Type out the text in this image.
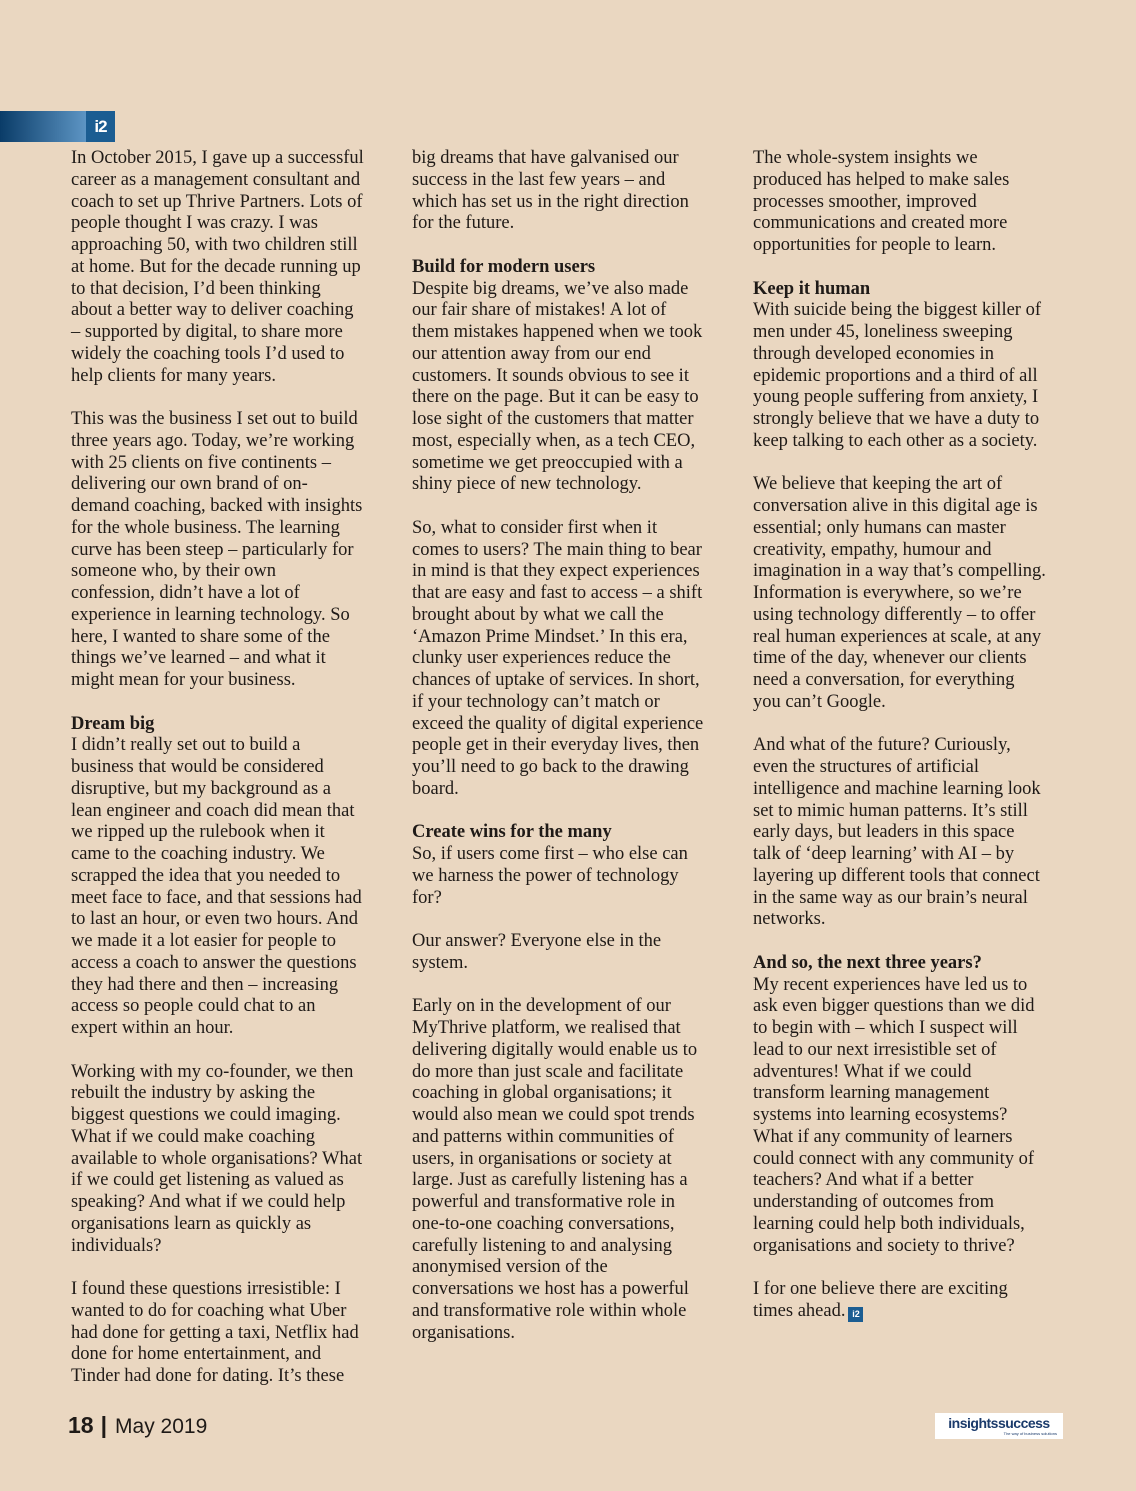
i2

In October 2015, I gave up a successful
career as a management consultant and
coach to set up Thrive Partners. Lots of
people thought I was crazy. I was
approaching 50, with two children still
at home. But for the decade running up
to that decision, I’d been thinking
about a better way to deliver coaching
– supported by digital, to share more
widely the coaching tools I’d used to
help clients for many years.

This was the business I set out to build
three years ago. Today, we’re working
with 25 clients on five continents –
delivering our own brand of on-
demand coaching, backed with insights
for the whole business. The learning
curve has been steep – particularly for
someone who, by their own
confession, didn’t have a lot of
experience in learning technology. So
here, I wanted to share some of the
things we’ve learned – and what it
might mean for your business.

Dream big

I didn’t really set out to build a
business that would be considered
disruptive, but my background as a
lean engineer and coach did mean that
we ripped up the rulebook when it
came to the coaching industry. We
scrapped the idea that you needed to
meet face to face, and that sessions had
to last an hour, or even two hours. And
we made it a lot easier for people to
access a coach to answer the questions
they had there and then – increasing
access so people could chat to an
expert within an hour.

Working with my co-founder, we then
rebuilt the industry by asking the
biggest questions we could imaging.
What if we could make coaching
available to whole organisations? What
if we could get listening as valued as
speaking? And what if we could help
organisations learn as quickly as
individuals?

I found these questions irresistible: I
wanted to do for coaching what Uber
had done for getting a taxi, Netflix had
done for home entertainment, and
Tinder had done for dating. It’s these

big dreams that have galvanised our
success in the last few years – and
which has set us in the right direction
for the future.

Build for modern users

Despite big dreams, we’ve also made
our fair share of mistakes! A lot of
them mistakes happened when we took
our attention away from our end
customers. It sounds obvious to see it
there on the page. But it can be easy to
lose sight of the customers that matter
most, especially when, as a tech CEO,
sometime we get preoccupied with a
shiny piece of new technology.

So, what to consider first when it
comes to users? The main thing to bear
in mind is that they expect experiences
that are easy and fast to access – a shift
brought about by what we call the
‘Amazon Prime Mindset.’ In this era,
clunky user experiences reduce the
chances of uptake of services. In short,
if your technology can’t match or
exceed the quality of digital experience
people get in their everyday lives, then
you’ll need to go back to the drawing
board.

Create wins for the many

So, if users come first – who else can
we harness the power of technology
for?

Our answer? Everyone else in the
system.

Early on in the development of our
MyThrive platform, we realised that
delivering digitally would enable us to
do more than just scale and facilitate
coaching in global organisations; it
would also mean we could spot trends
and patterns within communities of
users, in organisations or society at
large. Just as carefully listening has a
powerful and transformative role in
one-to-one coaching conversations,
carefully listening to and analysing
anonymised version of the
conversations we host has a powerful
and transformative role within whole
organisations.

The whole-system insights we
produced has helped to make sales
processes smoother, improved
communications and created more
opportunities for people to learn.

Keep it human

With suicide being the biggest killer of
men under 45, loneliness sweeping
through developed economies in
epidemic proportions and a third of all
young people suffering from anxiety, I
strongly believe that we have a duty to
keep talking to each other as a society.

We believe that keeping the art of
conversation alive in this digital age is
essential; only humans can master
creativity, empathy, humour and
imagination in a way that’s compelling.
Information is everywhere, so we’re
using technology differently – to offer
real human experiences at scale, at any
time of the day, whenever our clients
need a conversation, for everything
you can’t Google.

And what of the future? Curiously,
even the structures of artificial
intelligence and machine learning look
set to mimic human patterns. It’s still
early days, but leaders in this space
talk of ‘deep learning’ with AI – by
layering up different tools that connect
in the same way as our brain’s neural
networks.

And so, the next three years?

My recent experiences have led us to
ask even bigger questions than we did
to begin with – which I suspect will
lead to our next irresistible set of
adventures! What if we could
transform learning management
systems into learning ecosystems?
What if any community of learners
could connect with any community of
teachers? And what if a better
understanding of outcomes from
learning could help both individuals,
organisations and society to thrive?

I for one believe there are exciting
times ahead. i2

18 | May 2019	insightssuccess
The way of business solutions
